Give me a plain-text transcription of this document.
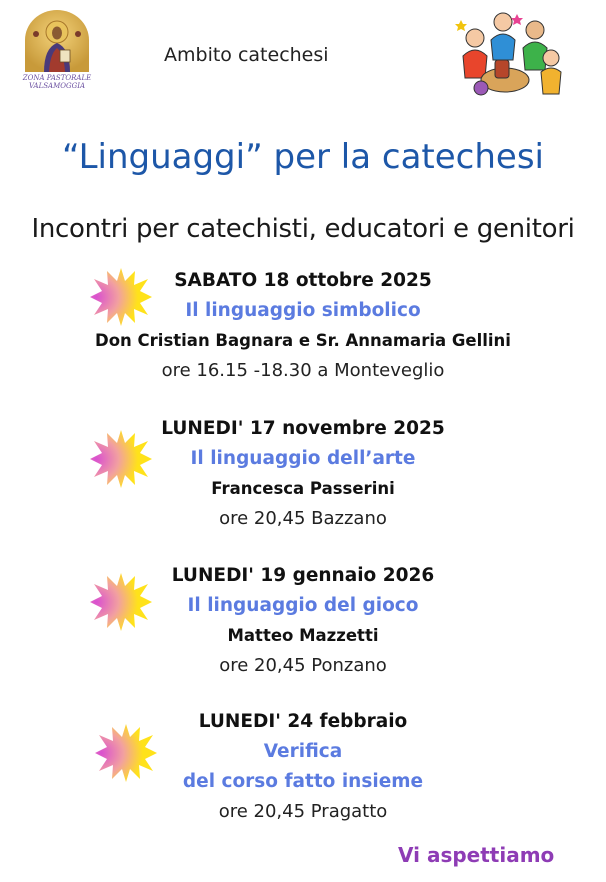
ZONA PASTORALE
VALSAMOGGIA
Ambito catechesi
“Linguaggi” per la catechesi
Incontri per catechisti, educatori e genitori
SABATO 18 ottobre 2025
Il linguaggio simbolico
Don Cristian Bagnara e Sr. Annamaria Gellini
ore 16.15 -18.30 a Monteveglio
LUNEDI' 17 novembre 2025
Il linguaggio dell’arte
Francesca Passerini
ore 20,45 Bazzano
LUNEDI' 19 gennaio 2026
Il linguaggio del gioco
Matteo Mazzetti
ore 20,45 Ponzano
LUNEDI' 24 febbraio
Verifica
del corso fatto insieme
ore 20,45 Pragatto
Vi aspettiamo
